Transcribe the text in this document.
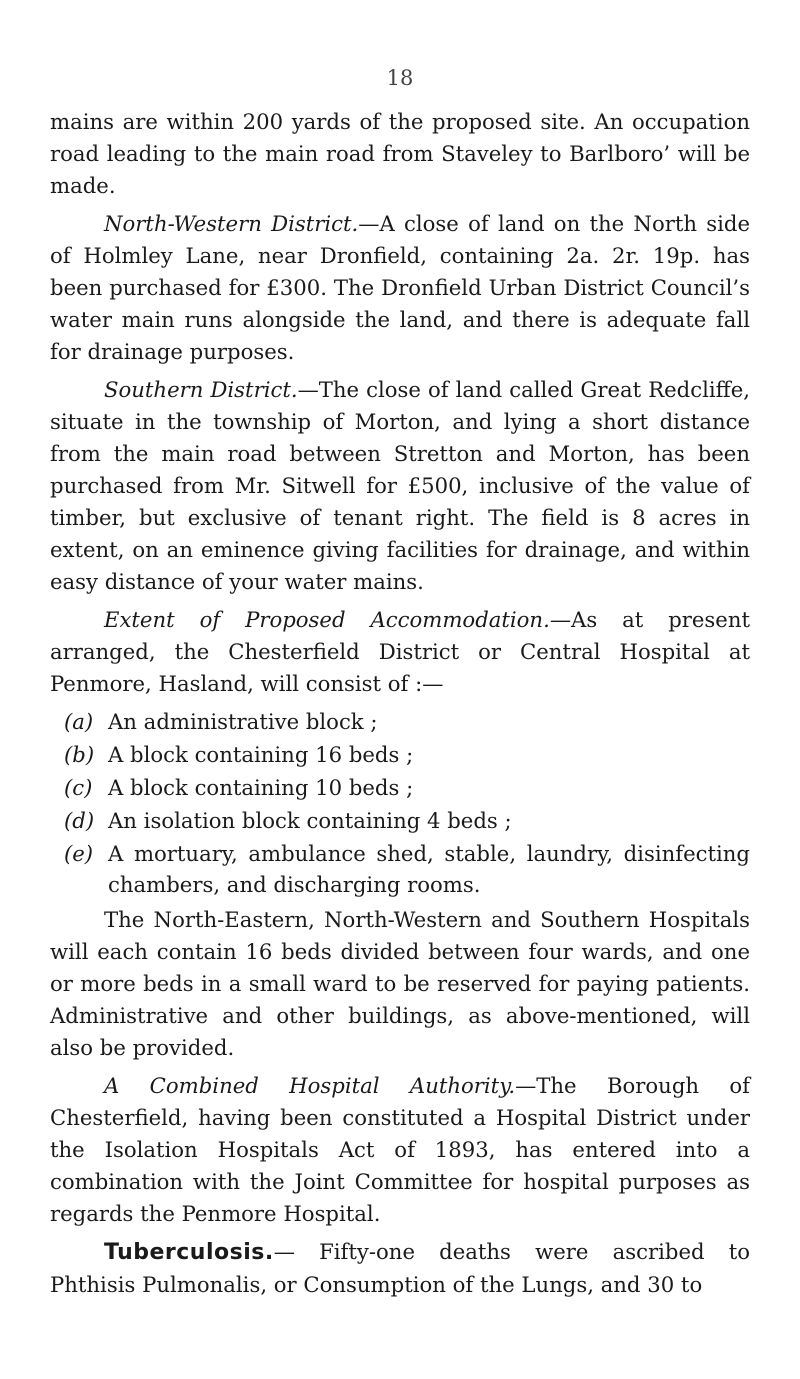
18

mains are within 200 yards of the proposed site. An occupation road leading to the main road from Staveley to Barlboro’ will be made.

North-Western District.—A close of land on the North side of Holmley Lane, near Dronfield, containing 2a. 2r. 19p. has been purchased for £300. The Dronfield Urban District Council’s water main runs alongside the land, and there is adequate fall for drainage purposes.

Southern District.—The close of land called Great Redcliffe, situate in the township of Morton, and lying a short distance from the main road between Stretton and Morton, has been purchased from Mr. Sitwell for £500, inclusive of the value of timber, but exclusive of tenant right. The field is 8 acres in extent, on an eminence giving facilities for drainage, and within easy distance of your water mains.

Extent of Proposed Accommodation.—As at present arranged, the Chesterfield District or Central Hospital at Penmore, Hasland, will consist of :—

(a) An administrative block ;
(b) A block containing 16 beds ;
(c) A block containing 10 beds ;
(d) An isolation block containing 4 beds ;
(e) A mortuary, ambulance shed, stable, laundry, disinfecting chambers, and discharging rooms.

The North-Eastern, North-Western and Southern Hospitals will each contain 16 beds divided between four wards, and one or more beds in a small ward to be reserved for paying patients. Administrative and other buildings, as above-mentioned, will also be provided.

A Combined Hospital Authority.—The Borough of Chesterfield, having been constituted a Hospital District under the Isolation Hospitals Act of 1893, has entered into a combination with the Joint Committee for hospital purposes as regards the Penmore Hospital.

Tuberculosis.— Fifty-one deaths were ascribed to Phthisis Pulmonalis, or Consumption of the Lungs, and 30 to
